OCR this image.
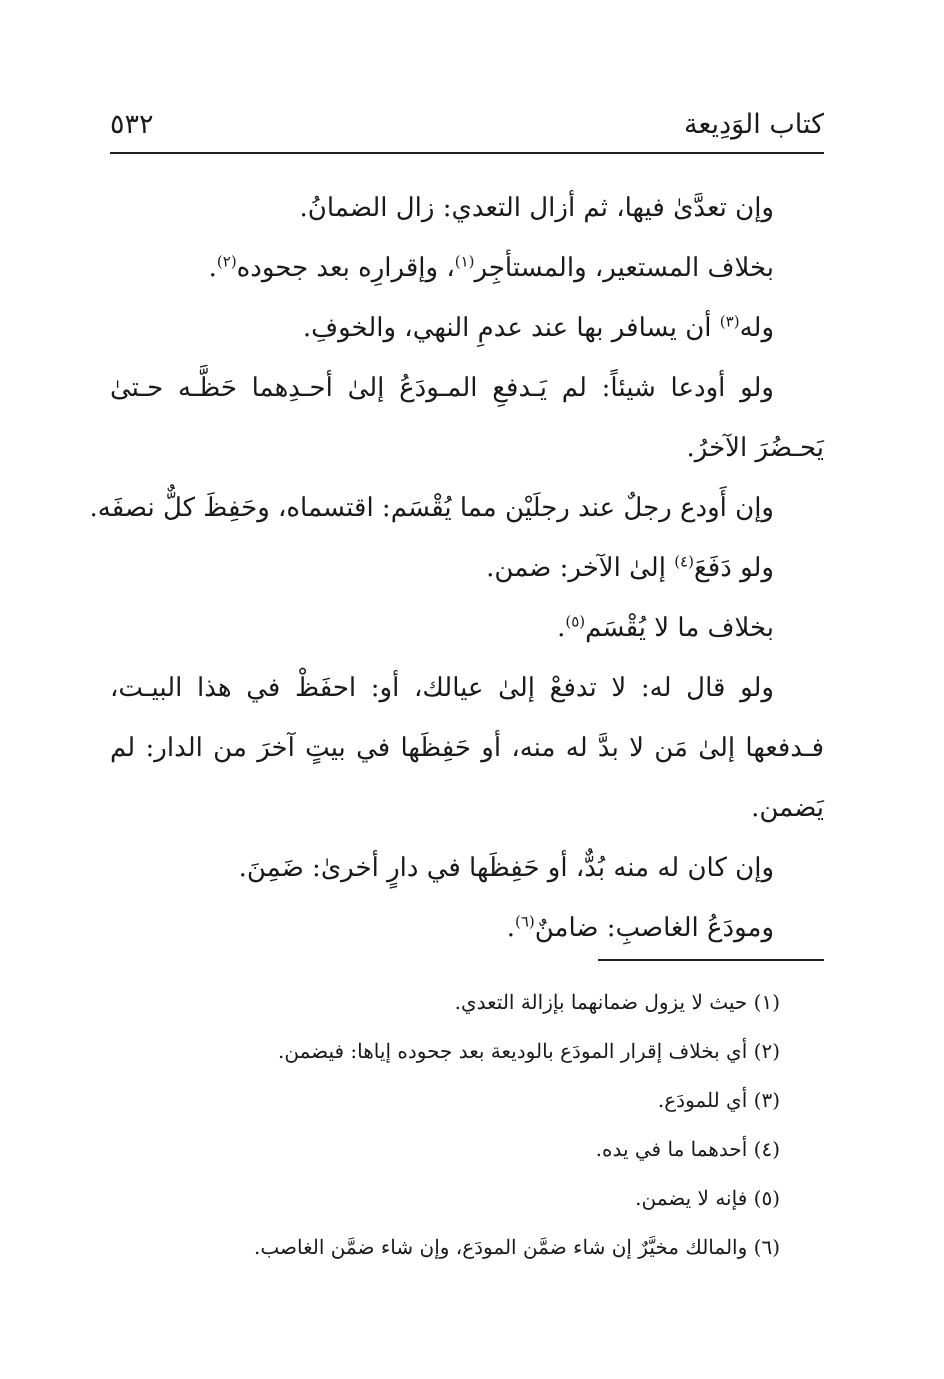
كتاب الوَدِيعة
٥٣٢

وإن تعدَّىٰ فيها، ثم أزال التعدي: زال الضمانُ.

بخلاف المستعير، والمستأجِر$^{(١)}$، وإقرارِه بعد جحوده$^{(٢)}$.

وله$^{(٣)}$ أن يسافر بها عند عدمِ النهي، والخوفِ.

ولو أودعا شيئاً: لم يَـدفعِ المـودَعُ إلىٰ أحـدِهما حَظَّـه حـتىٰ يَحـضُرَ الآخرُ.

وإن أَودع رجلٌ عند رجلَيْن مما يُقْسَم: اقتسماه، وحَفِظَ كلٌّ نصفَه.

ولو دَفَعَ$^{(٤)}$ إلىٰ الآخر: ضمن.

بخلاف ما لا يُقْسَم$^{(٥)}$.

ولو قال له: لا تدفعْ إلىٰ عيالك، أو: احفَظْ في هذا البيـت، فـدفعها إلىٰ مَن لا بدَّ له منه، أو حَفِظَها في بيتٍ آخرَ من الدار: لم يَضمن.

وإن كان له منه بُدٌّ، أو حَفِظَها في دارٍ أخرىٰ: ضَمِنَ.

ومودَعُ الغاصبِ: ضامنٌ$^{(٦)}$.

(١) حيث لا يزول ضمانهما بإزالة التعدي.

(٢) أي بخلاف إقرار المودَع بالوديعة بعد جحوده إياها: فيضمن.

(٣) أي للمودَع.

(٤) أحدهما ما في يده.

(٥) فإنه لا يضمن.

(٦) والمالك مخيَّرٌ إن شاء ضمَّن المودَع، وإن شاء ضمَّن الغاصب.
